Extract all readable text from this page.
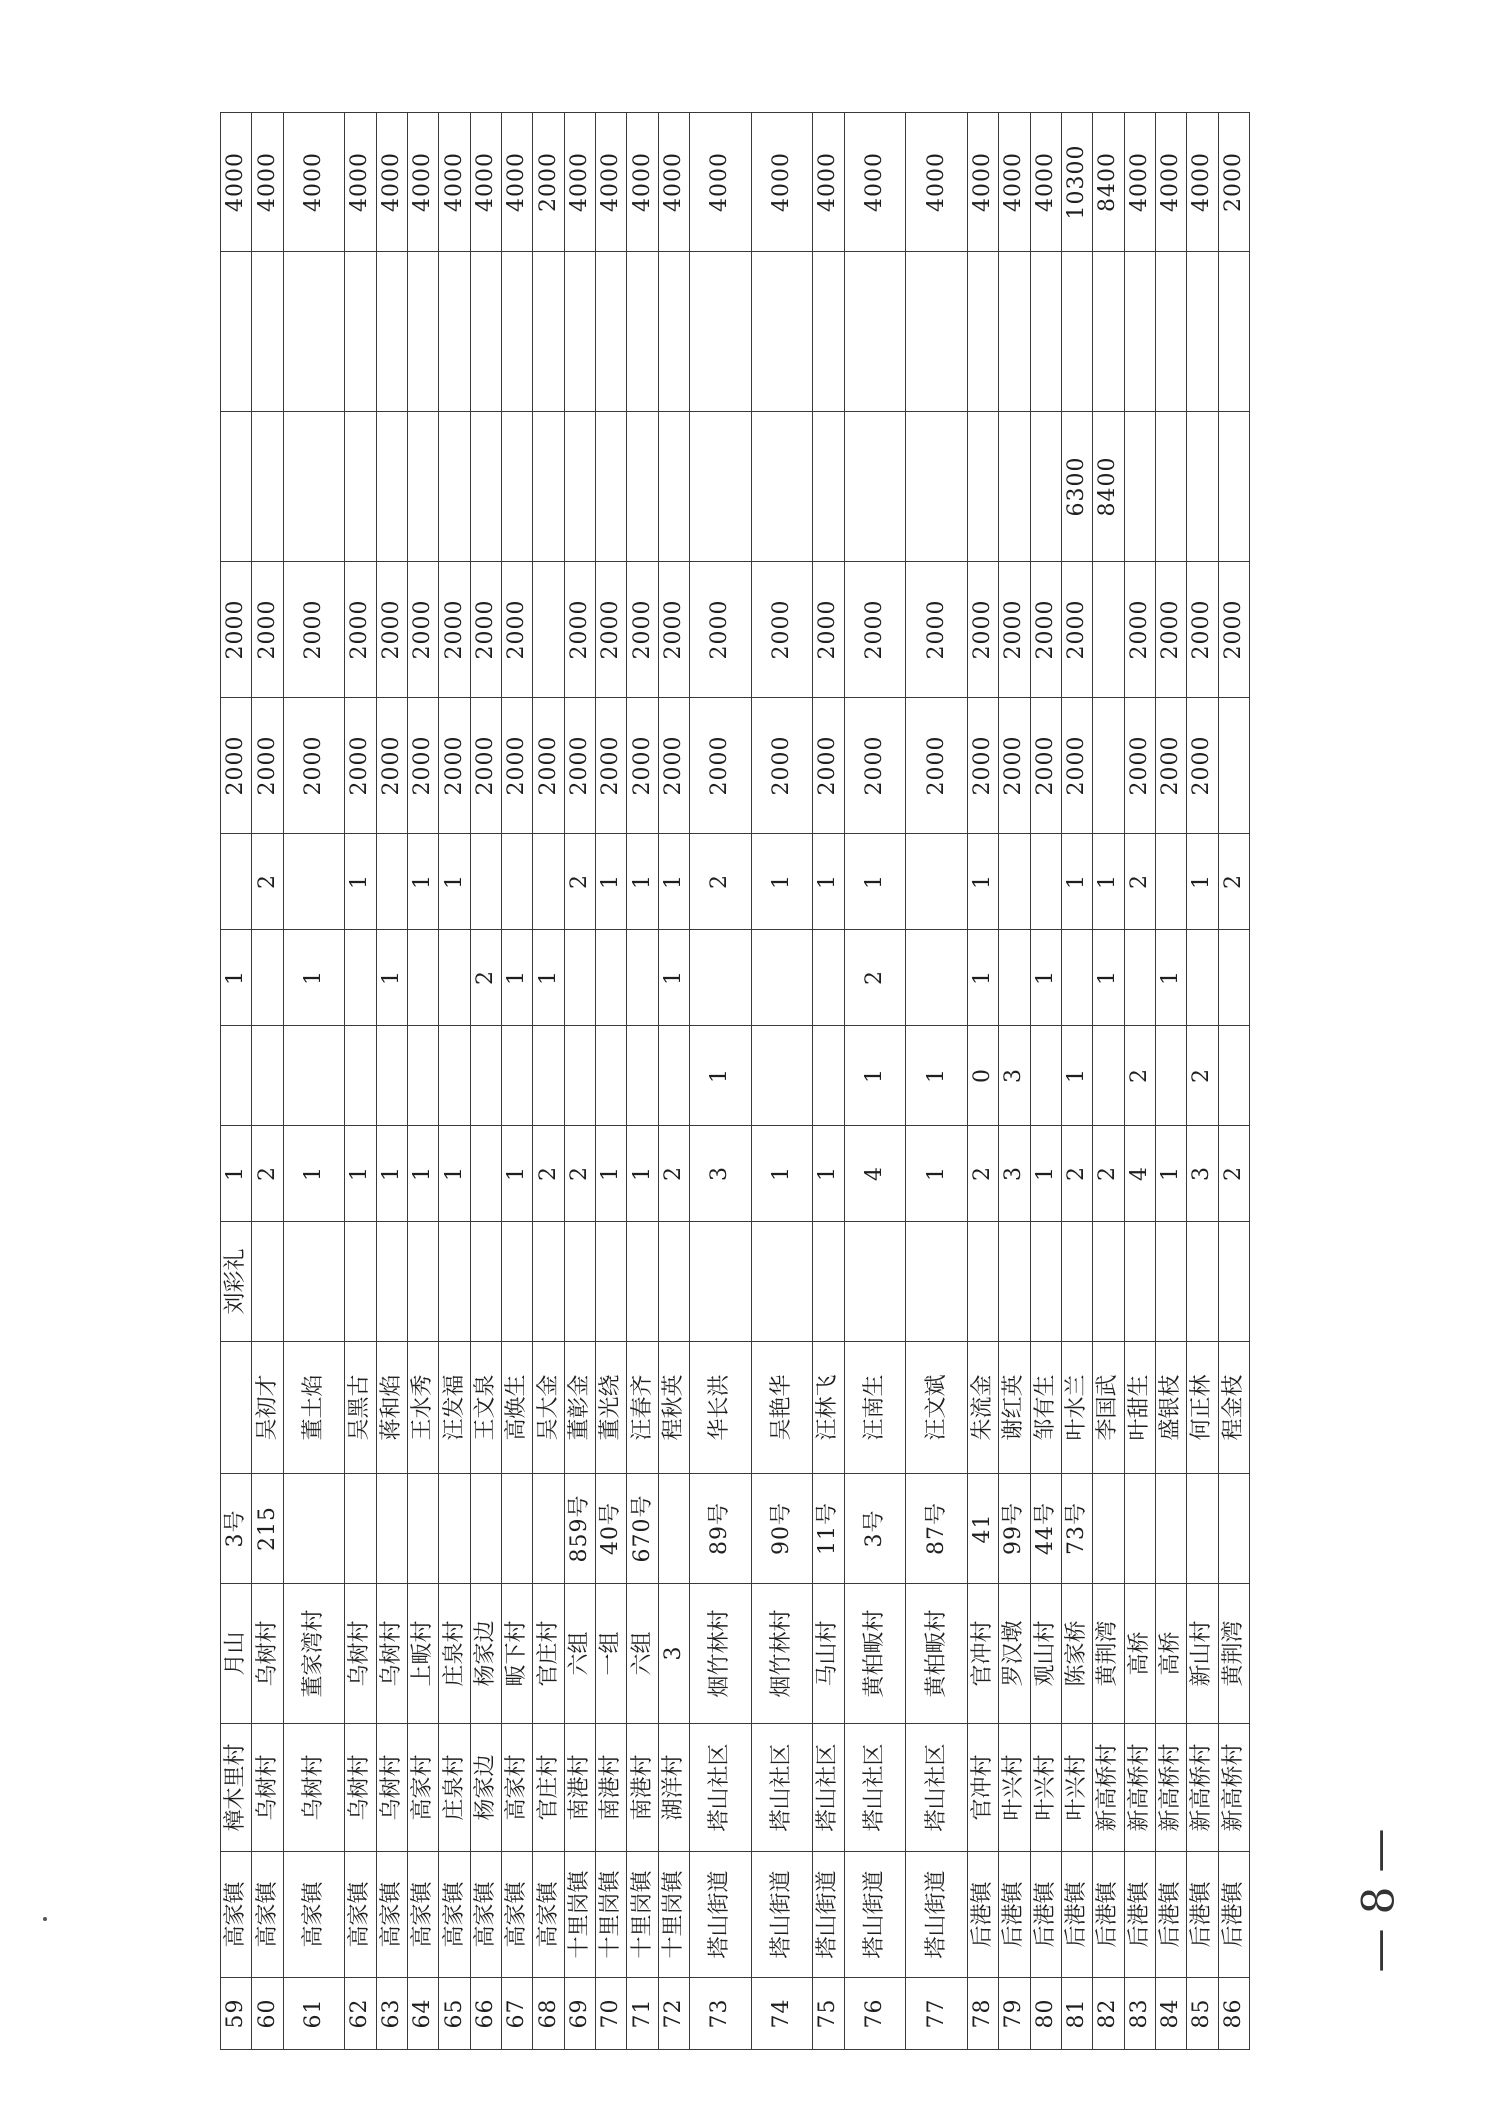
59	高家镇	樟木里村	月山	3号		刘彩礼	1		1		2000	2000			4000

60	高家镇	乌树村	乌树村	215	吴初才		2			2	2000	2000			4000

61	高家镇	乌树村	董家湾村		董土焰		1		1		2000	2000			4000

62	高家镇	乌树村	乌树村		吴黑古		1			1	2000	2000			4000

63	高家镇	乌树村	乌树村		蒋和焰		1		1		2000	2000			4000

64	高家镇	高家村	上畈村		王水秀		1			1	2000	2000			4000

65	高家镇	庄泉村	庄泉村		汪发福		1			1	2000	2000			4000

66	高家镇	杨家边	杨家边		王文泉				2		2000	2000			4000

67	高家镇	高家村	畈下村		高焕生		1		1		2000	2000			4000

68	高家镇	官庄村	官庄村		吴大金		2		1		2000				2000

69	十里岗镇	南港村	六组	859号	董彰金		2			2	2000	2000			4000

70	十里岗镇	南港村	一组	40号	董光绕		1			1	2000	2000			4000

71	十里岗镇	南港村	六组	670号	汪春齐		1			1	2000	2000			4000

72	十里岗镇	湖洋村	3		程秋英		2		1	1	2000	2000			4000

73	塔山街道	塔山社区	烟竹林村	89号	华长洪		3	1		2	2000	2000			4000

74	塔山街道	塔山社区	烟竹林村	90号	吴艳华		1			1	2000	2000			4000

75	塔山街道	塔山社区	马山村	11号	汪林飞		1			1	2000	2000			4000

76	塔山街道	塔山社区	黄柏畈村	3号	汪南生		4	1	2	1	2000	2000			4000

77	塔山街道	塔山社区	黄柏畈村	87号	汪文斌		1	1			2000	2000			4000

78	后港镇	官冲村	官冲村	41	朱流金		2	0	1	1	2000	2000			4000

79	后港镇	叶兴村	罗汉墩	99号	谢红英		3	3			2000	2000			4000

80	后港镇	叶兴村	观山村	44号	邹有生		1		1		2000	2000			4000

81	后港镇	叶兴村	陈家桥	73号	叶水兰		2	1		1	2000	2000	6300		10300

82	后港镇	新高桥村	黄荆湾		李国武		2		1	1			8400		8400

83	后港镇	新高桥村	高桥		叶甜生		4	2		2	2000	2000			4000

84	后港镇	新高桥村	高桥		盛银枝		1		1		2000	2000			4000

85	后港镇	新高桥村	新山村		何正林		3	2		1	2000	2000			4000

86	后港镇	新高桥村	黄荆湾		程金枝		2			2		2000			2000
— 8 —
